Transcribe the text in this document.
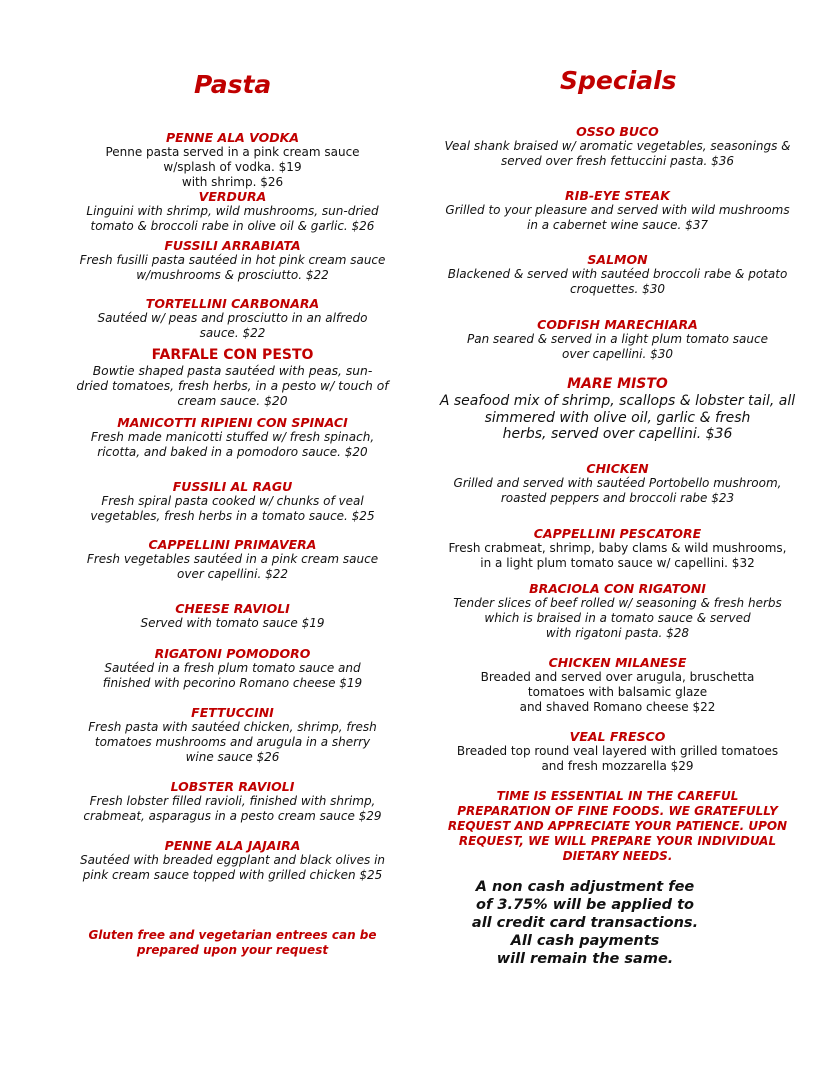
Pasta
PENNE ALA VODKA
Penne pasta served in a pink cream sauce
w/splash of vodka. $19
with shrimp. $26
VERDURA
Linguini with shrimp, wild mushrooms, sun-dried
tomato & broccoli rabe in olive oil & garlic. $26
FUSSILI ARRABIATA
Fresh fusilli pasta sautéed in hot pink cream sauce
w/mushrooms & prosciutto. $22
TORTELLINI CARBONARA
Sautéed w/ peas and prosciutto in an alfredo
sauce. $22
FARFALE CON PESTO
Bowtie shaped pasta sautéed with peas, sun-
dried tomatoes, fresh herbs, in a pesto w/ touch of
cream sauce. $20
MANICOTTI RIPIENI CON SPINACI
Fresh made manicotti stuffed w/ fresh spinach,
ricotta, and baked in a pomodoro sauce. $20
FUSSILI AL RAGU
Fresh spiral pasta cooked w/ chunks of veal
vegetables, fresh herbs in a tomato sauce. $25
CAPPELLINI PRIMAVERA
Fresh vegetables sautéed in a pink cream sauce
over capellini. $22
CHEESE RAVIOLI
Served with tomato sauce $19
RIGATONI POMODORO
Sautéed in a fresh plum tomato sauce and
finished with pecorino Romano cheese $19
FETTUCCINI
Fresh pasta with sautéed chicken, shrimp, fresh
tomatoes mushrooms and arugula in a sherry
wine sauce $26
LOBSTER RAVIOLI
Fresh lobster filled ravioli, finished with shrimp,
crabmeat, asparagus in a pesto cream sauce $29
PENNE ALA JAJAIRA
Sautéed with breaded eggplant and black olives in
pink cream sauce topped with grilled chicken $25
Gluten free and vegetarian entrees can be
prepared upon your request
Specials
OSSO BUCO
Veal shank braised w/ aromatic vegetables, seasonings &
served over fresh fettuccini pasta. $36
RIB-EYE STEAK
Grilled to your pleasure and served with wild mushrooms
in a cabernet wine sauce. $37
SALMON
Blackened & served with sautéed broccoli rabe & potato
croquettes. $30
CODFISH MARECHIARA
Pan seared & served in a light plum tomato sauce
over capellini. $30
MARE MISTO
A seafood mix of shrimp, scallops & lobster tail, all
simmered with olive oil, garlic & fresh
herbs, served over capellini. $36
CHICKEN
Grilled and served with sautéed Portobello mushroom,
roasted peppers and broccoli rabe $23
CAPPELLINI PESCATORE
Fresh crabmeat, shrimp, baby clams & wild mushrooms,
in a light plum tomato sauce w/ capellini. $32
BRACIOLA CON RIGATONI
Tender slices of beef rolled w/ seasoning & fresh herbs
which is braised in a tomato sauce & served
with rigatoni pasta. $28
CHICKEN MILANESE
Breaded and served over arugula, bruschetta
tomatoes with balsamic glaze
and shaved Romano cheese $22
VEAL FRESCO
Breaded top round veal layered with grilled tomatoes
and fresh mozzarella $29
TIME IS ESSENTIAL IN THE CAREFUL
PREPARATION OF FINE FOODS. WE GRATEFULLY
REQUEST AND APPRECIATE YOUR PATIENCE. UPON
REQUEST, WE WILL PREPARE YOUR INDIVIDUAL
DIETARY NEEDS.
A non cash adjustment fee
of 3.75% will be applied to
all credit card transactions.
All cash payments
will remain the same.
